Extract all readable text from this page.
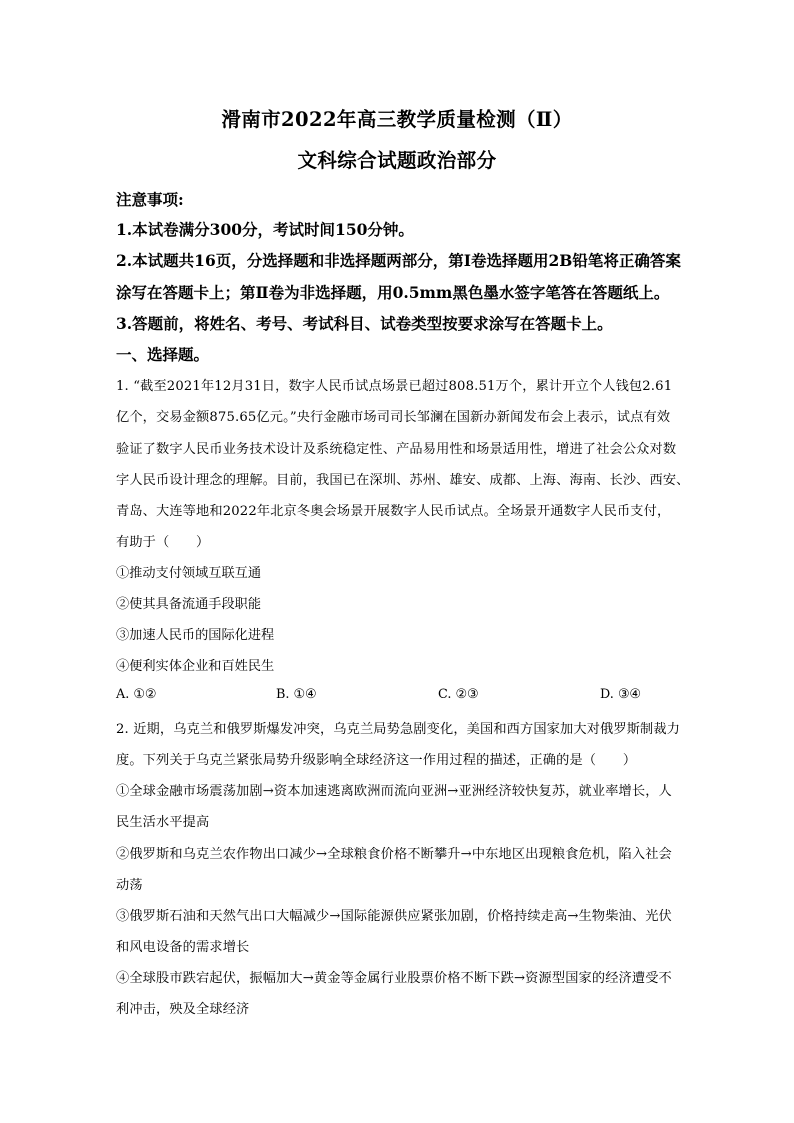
滑南市2022年高三教学质量检测（Ⅱ）
文科综合试题政治部分
注意事项:
1.本试卷满分300分，考试时间150分钟。
2.本试题共16页，分选择题和非选择题两部分，第Ⅰ卷选择题用2B铅笔将正确答案
涂写在答题卡上；第Ⅱ卷为非选择题，用0.5mm黑色墨水签字笔答在答题纸上。
3.答题前，将姓名、考号、考试科目、试卷类型按要求涂写在答题卡上。
一、选择题。
1. “截至2021年12月31日，数字人民币试点场景已超过808.51万个，累计开立个人钱包2.61
亿个，交易金额875.65亿元。”央行金融市场司司长邹澜在国新办新闻发布会上表示，试点有效
验证了数字人民币业务技术设计及系统稳定性、产品易用性和场景适用性，增进了社会公众对数
字人民币设计理念的理解。目前，我国已在深圳、苏州、雄安、成都、上海、海南、长沙、西安、
青岛、大连等地和2022年北京冬奥会场景开展数字人民币试点。全场景开通数字人民币支付，
有助于（　　）
①推动支付领域互联互通
②使其具备流通手段职能
③加速人民币的国际化进程
④便利实体企业和百姓民生
A. ①②	B. ①④	C. ②③	D. ③④
2. 近期，乌克兰和俄罗斯爆发冲突，乌克兰局势急剧变化，美国和西方国家加大对俄罗斯制裁力
度。下列关于乌克兰紧张局势升级影响全球经济这一作用过程的描述，正确的是（　　）
①全球金融市场震荡加剧→资本加速逃离欧洲而流向亚洲→亚洲经济较快复苏，就业率增长，人
民生活水平提高
②俄罗斯和乌克兰农作物出口减少→全球粮食价格不断攀升→中东地区出现粮食危机，陷入社会
动荡
③俄罗斯石油和天然气出口大幅减少→国际能源供应紧张加剧，价格持续走高→生物柴油、光伏
和风电设备的需求增长
④全球股市跌宕起伏，振幅加大→黄金等金属行业股票价格不断下跌→资源型国家的经济遭受不
利冲击，殃及全球经济
